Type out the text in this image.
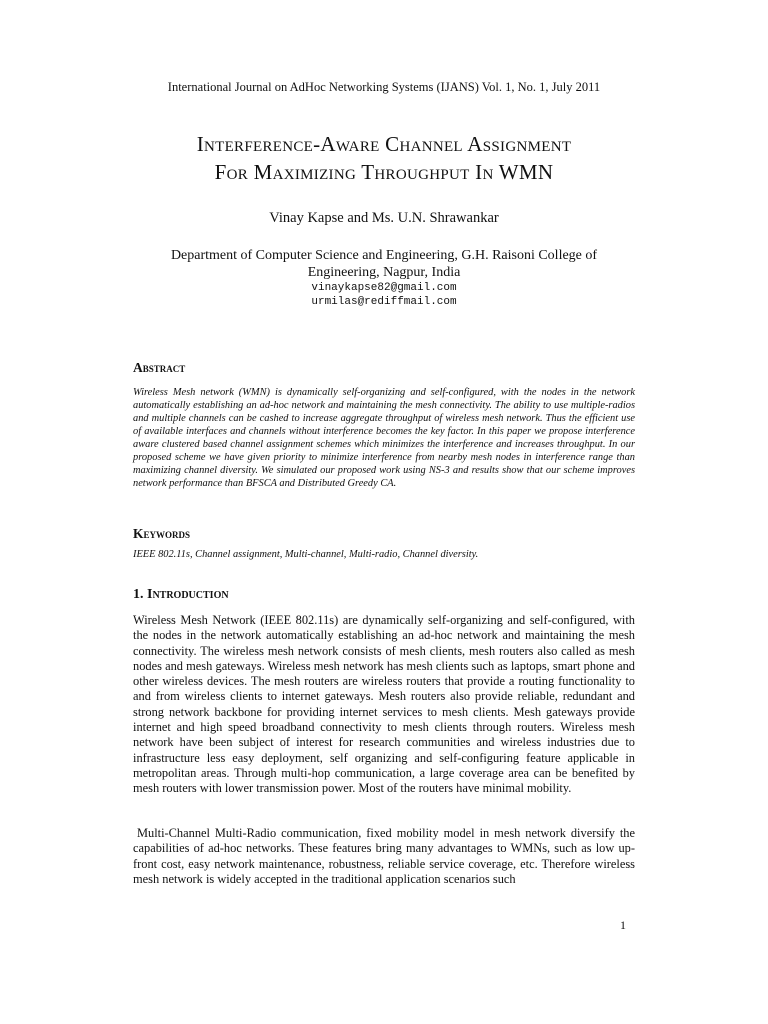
International Journal on AdHoc Networking Systems (IJANS) Vol. 1, No. 1, July 2011
Interference-Aware Channel Assignment
For Maximizing Throughput In WMN
Vinay Kapse and Ms. U.N. Shrawankar
Department of Computer Science and Engineering, G.H. Raisoni College of Engineering, Nagpur, India
vinaykapse82@gmail.com
urmilas@rediffmail.com
Abstract
Wireless Mesh network (WMN) is dynamically self-organizing and self-configured, with the nodes in the network automatically establishing an ad-hoc network and maintaining the mesh connectivity. The ability to use multiple-radios and multiple channels can be cashed to increase aggregate throughput of wireless mesh network. Thus the efficient use of available interfaces and channels without interference becomes the key factor. In this paper we propose interference aware clustered based channel assignment schemes which minimizes the interference and increases throughput. In our proposed scheme we have given priority to minimize interference from nearby mesh nodes in interference range than maximizing channel diversity. We simulated our proposed work using NS-3 and results show that our scheme improves network performance than BFSCA and Distributed Greedy CA.
Keywords
IEEE 802.11s, Channel assignment, Multi-channel, Multi-radio, Channel diversity.
1. Introduction
Wireless Mesh Network (IEEE 802.11s) are dynamically self-organizing and self-configured, with the nodes in the network automatically establishing an ad-hoc network and maintaining the mesh connectivity. The wireless mesh network consists of mesh clients, mesh routers also called as mesh nodes and mesh gateways. Wireless mesh network has mesh clients such as laptops, smart phone and other wireless devices. The mesh routers are wireless routers that provide a routing functionality to and from wireless clients to internet gateways. Mesh routers also provide reliable, redundant and strong network backbone for providing internet services to mesh clients. Mesh gateways provide internet and high speed broadband connectivity to mesh clients through routers. Wireless mesh network have been subject of interest for research communities and wireless industries due to infrastructure less easy deployment, self organizing and self-configuring feature applicable in metropolitan areas. Through multi-hop communication, a large coverage area can be benefited by mesh routers with lower transmission power. Most of the routers have minimal mobility.
Multi-Channel Multi-Radio communication, fixed mobility model in mesh network diversify the capabilities of ad-hoc networks. These features bring many advantages to WMNs, such as low up-front cost, easy network maintenance, robustness, reliable service coverage, etc. Therefore wireless mesh network is widely accepted in the traditional application scenarios such
1
